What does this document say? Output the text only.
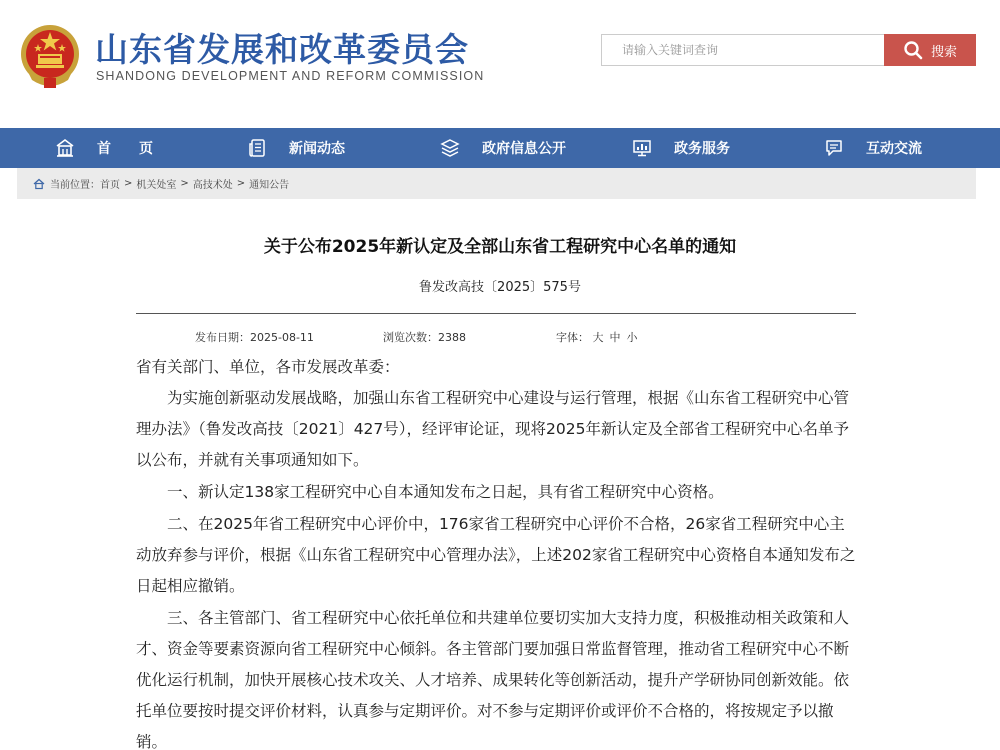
山东省发展和改革委员会
SHANDONG DEVELOPMENT AND REFORM COMMISSION
请输入关键词查询
搜索
首页	新闻动态	政府信息公开	政务服务	互动交流
当前位置： 首页 > 机关处室 > 高技术处 > 通知公告
关于公布2025年新认定及全部山东省工程研究中心名单的通知
鲁发改高技〔2025〕575号
发布日期：2025-08-11	浏览次数：2388	字体： 大 中 小

省有关部门、单位，各市发展改革委：

为实施创新驱动发展战略，加强山东省工程研究中心建设与运行管理，根据《山东省工程研究中心管理办法》（鲁发改高技〔2021〕427号），经评审论证，现将2025年新认定及全部省工程研究中心名单予以公布，并就有关事项通知如下。

一、新认定138家工程研究中心自本通知发布之日起，具有省工程研究中心资格。

二、在2025年省工程研究中心评价中，176家省工程研究中心评价不合格，26家省工程研究中心主动放弃参与评价，根据《山东省工程研究中心管理办法》，上述202家省工程研究中心资格自本通知发布之日起相应撤销。

三、各主管部门、省工程研究中心依托单位和共建单位要切实加大支持力度，积极推动相关政策和人才、资金等要素资源向省工程研究中心倾斜。各主管部门要加强日常监督管理，推动省工程研究中心不断优化运行机制，加快开展核心技术攻关、人才培养、成果转化等创新活动，提升产学研协同创新效能。依托单位要按时提交评价材料，认真参与定期评价。对不参与定期评价或评价不合格的，将按规定予以撤销。
